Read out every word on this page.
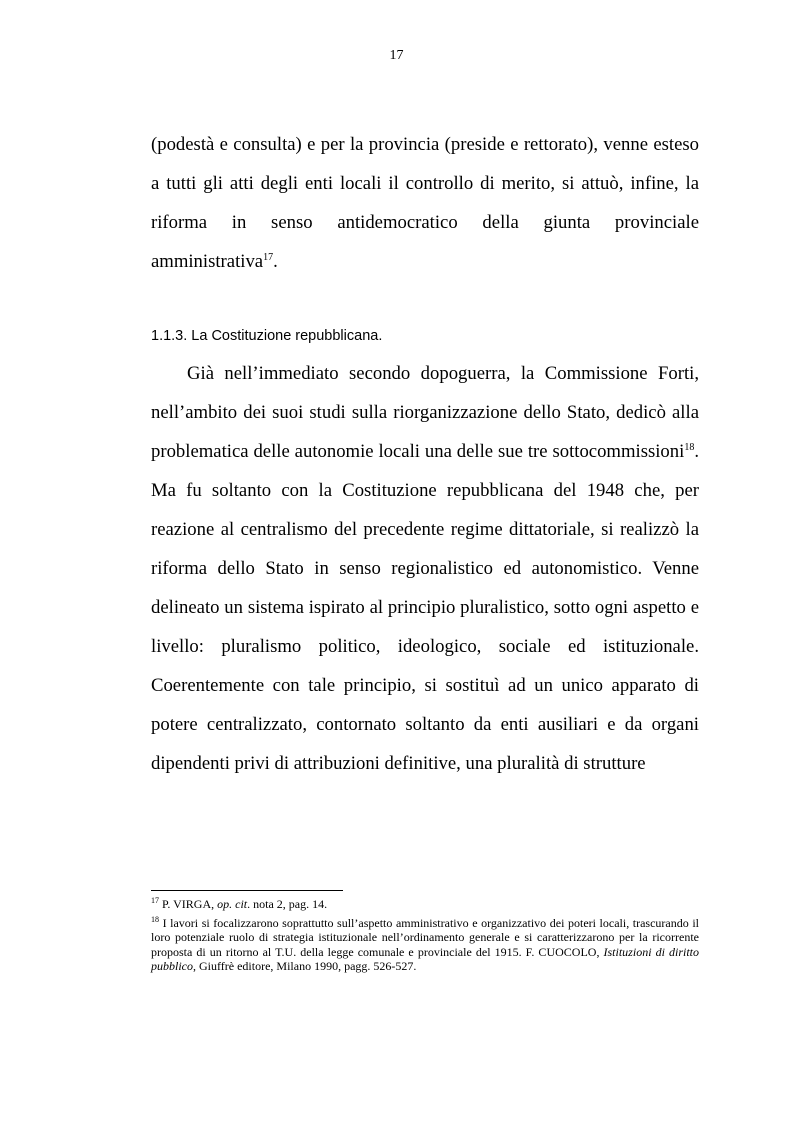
17
(podestà e consulta) e per la provincia (preside e rettorato), venne esteso a tutti gli atti degli enti locali il controllo di merito, si attuò, infine, la riforma in senso antidemocratico della giunta provinciale amministrativa$^{17}$.
1.1.3. La Costituzione repubblicana.
Già nell’immediato secondo dopoguerra, la Commissione Forti, nell’ambito dei suoi studi sulla riorganizzazione dello Stato, dedicò alla problematica delle autonomie locali una delle sue tre sottocommissioni$^{18}$. Ma fu soltanto con la Costituzione repubblicana del 1948 che, per reazione al centralismo del precedente regime dittatoriale, si realizzò la riforma dello Stato in senso regionalistico ed autonomistico. Venne delineato un sistema ispirato al principio pluralistico, sotto ogni aspetto e livello: pluralismo politico, ideologico, sociale ed istituzionale. Coerentemente con tale principio, si sostituì ad un unico apparato di potere centralizzato, contornato soltanto da enti ausiliari e da organi dipendenti privi di attribuzioni definitive, una pluralità di strutture

$^{17}$ P. VIRGA, op. cit. nota 2, pag. 14.

$^{18}$ I lavori si focalizzarono soprattutto sull’aspetto amministrativo e organizzativo dei poteri locali, trascurando il loro potenziale ruolo di strategia istituzionale nell’ordinamento generale e si caratterizzarono per la ricorrente proposta di un ritorno al T.U. della legge comunale e provinciale del 1915. F. CUOCOLO, Istituzioni di diritto pubblico, Giuffrè editore, Milano 1990, pagg. 526-527.
